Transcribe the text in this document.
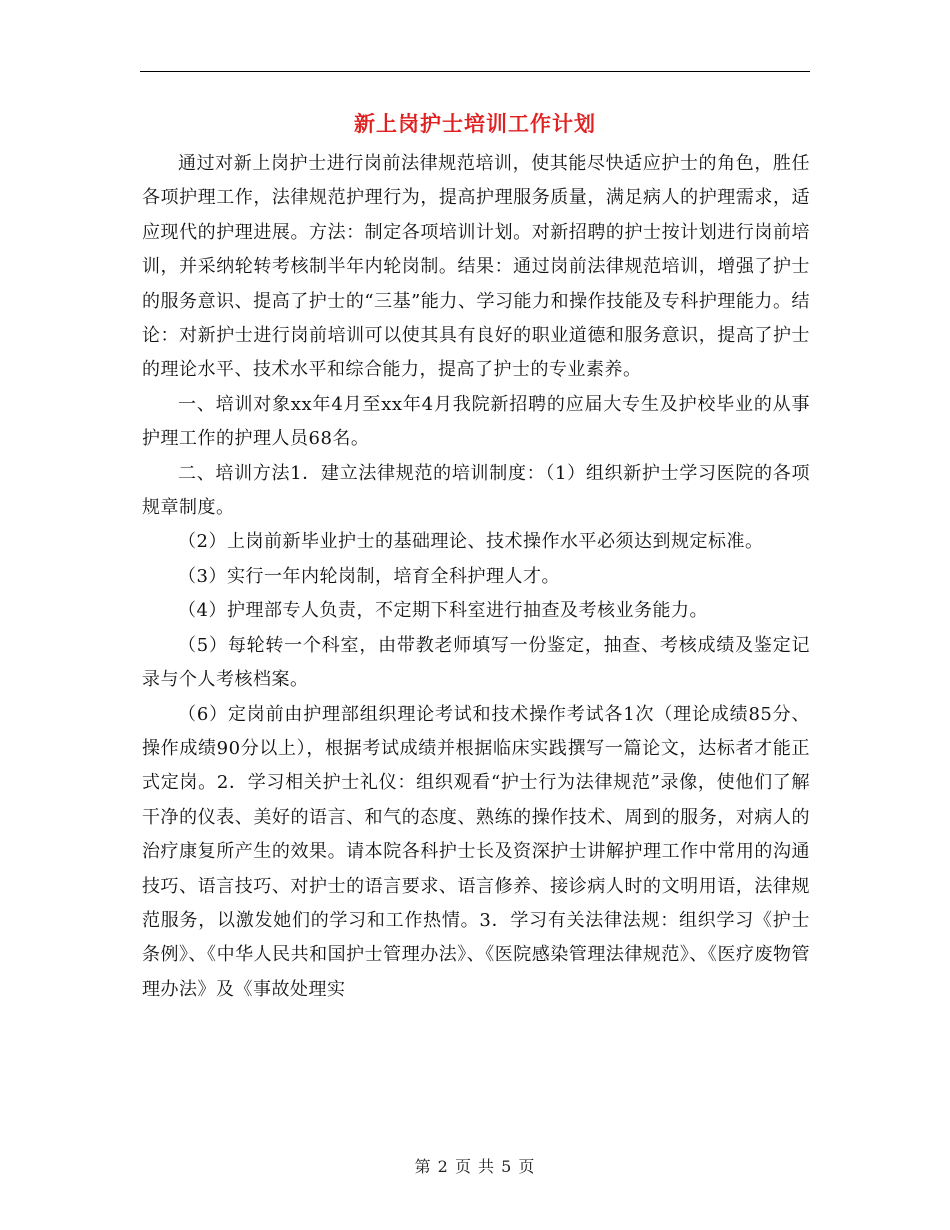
新上岗护士培训工作计划

通过对新上岗护士进行岗前法律规范培训，使其能尽快适应护士的角色，胜任各项护理工作，法律规范护理行为，提高护理服务质量，满足病人的护理需求，适应现代的护理进展。方法：制定各项培训计划。对新招聘的护士按计划进行岗前培训，并采纳轮转考核制半年内轮岗制。结果：通过岗前法律规范培训，增强了护士的服务意识、提高了护士的“三基”能力、学习能力和操作技能及专科护理能力。结论：对新护士进行岗前培训可以使其具有良好的职业道德和服务意识，提高了护士的理论水平、技术水平和综合能力，提高了护士的专业素养。

一、培训对象xx年4月至xx年4月我院新招聘的应届大专生及护校毕业的从事护理工作的护理人员68名。

二、培训方法1．建立法律规范的培训制度：（1）组织新护士学习医院的各项规章制度。

（2）上岗前新毕业护士的基础理论、技术操作水平必须达到规定标准。

（3）实行一年内轮岗制，培育全科护理人才。

（4）护理部专人负责，不定期下科室进行抽查及考核业务能力。

（5）每轮转一个科室，由带教老师填写一份鉴定，抽查、考核成绩及鉴定记录与个人考核档案。

（6）定岗前由护理部组织理论考试和技术操作考试各1次（理论成绩85分、操作成绩90分以上），根据考试成绩并根据临床实践撰写一篇论文，达标者才能正式定岗。2．学习相关护士礼仪：组织观看“护士行为法律规范”录像，使他们了解干净的仪表、美好的语言、和气的态度、熟练的操作技术、周到的服务，对病人的治疗康复所产生的效果。请本院各科护士长及资深护士讲解护理工作中常用的沟通技巧、语言技巧、对护士的语言要求、语言修养、接诊病人时的文明用语，法律规范服务，以激发她们的学习和工作热情。3．学习有关法律法规：组织学习《护士条例》、《中华人民共和国护士管理办法》、《医院感染管理法律规范》、《医疗废物管理办法》及《事故处理实

第 2 页 共 5 页
